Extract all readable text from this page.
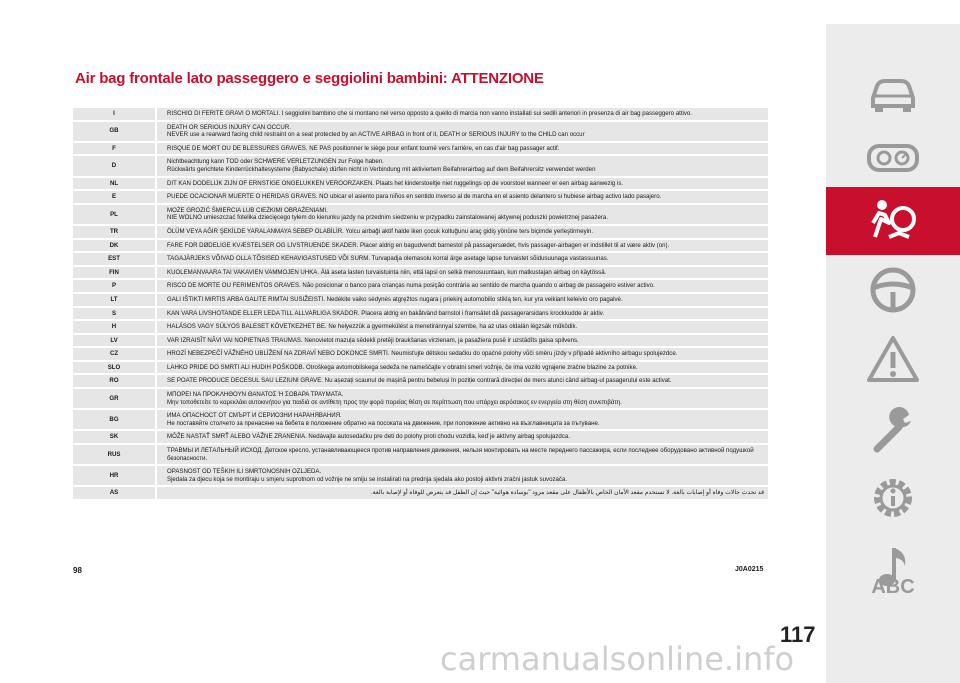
Air bag frontale lato passeggero e seggiolini bambini: ATTENZIONE
I	RISCHIO DI FERITE GRAVI O MORTALI. I seggiolini bambino che si montano nel verso opposto a quello di marcia non vanno installati sui sedili anteriori in presenza di air bag passeggero attivo.
GB	DEATH OR SERIOUS INJURY CAN OCCUR.
NEVER use a rearward facing child restraint on a seat protected by an ACTIVE AIRBAG in front of it, DEATH or SERIOUS INJURY to the CHILD can occur
F	RISQUE DE MORT OU DE BLESSURES GRAVES. NE PAS positionner le siège pour enfant tourné vers l'arrière, en cas d'air bag passager actif.
D	Nichtbeachtung kann TOD oder SCHWERE VERLETZUNGEN zur Folge haben.
Rückwärts gerichtete Kinderrückhaltesysteme (Babyschale) dürfen nicht in Verbindung mit aktiviertem Beifahrerairbag auf dem Beifahrersitz verwendet werden
NL	DIT KAN DODELIJK ZIJN OF ERNSTIGE ONGELUKKEN VEROORZAKEN. Plaats het kinderstoeltje niet ruggelings op de voorstoel wanneer er een airbag aanwezig is.
E	PUEDE OCACIONAR MUERTE O HERIDAS GRAVES. NO ubicar el asiento para niños en sentido inverso al de marcha en el asiento delantero si hubiese airbag activo lado pasajero.
PL	MOŻE GROZIĆ ŚMIERCIA LUB CIEŻKIMI OBRAŻENIAMI.
NIE WOLNO umieszczać fotelika dziecięcego tyłem do kierunku jazdy na przednim siedzeniu w przypadku zainstalowanej aktywnej poduszki powietrznej pasażera.
TR	ÖLÜM VEYA AĞIR ŞEKİLDE YARALANMAYA SEBEP OLABİLİR. Yolcu airbaği aktif halde iken çocuk koltuğunu araç gidiş yönüne ters biçimde yerleştirmeyin.
DK	FARE FOR DØDELIGE KVÆSTELSER OG LIVSTRUENDE SKADER. Placer aldrig en bagudvendt barnestol på passagersædet, hvis passager-airbagen er indstillet til at være aktiv (on).
EST	TAGAJÄRJEKS VÕIVAD OLLA TÕSISED KEHAVIGASTUSED VÕI SURM. Turvapadja olemasolu korral ärge asetage lapse turvaistet sõidusuunaga vastassuunas.
FIN	KUOLEMANVAARA TAI VAKAVIEN VAMMOJEN UHKA. Älä aseta lasten turvaistuinta niin, että lapsi on selkä menosuuntaan, kun matkustajan airbag on käytössä.
P	RISCO DE MORTE OU FERIMENTOS GRAVES. Não posicionar o banco para crianças numa posição contrária ao sentido de marcha quando o airbag de passageiro estiver activo.
LT	GALI IŠTIKTI MIRTIS ARBA GALITE RIMTAI SUSIŽEISTI. Nedėkite vaiko sėdynės atgręžtos nugara į priekinį automobilio stiklą ten, kur yra veikiant keleivio oro pagalvė.
S	KAN VARA LIVSHOTANDE ELLER LEDA TILL ALLVARLIGA SKADOR. Placera aldrig en bakåtvänd barnstol i framsätet då passagerarsidans krockkudde är aktiv.
H	HALÁSOS VAGY SÚLYOS BALESET KÖVETKEZHET BE. Ne helyezzük a gyermekülést a menetiránnyal szembe, ha az utas oldalán légzsák működik.
LV	VAR IZRAISĪT NĀVI VAI NOPIETNAS TRAUMAS. Nenovietot mazuļa sēdekli pretēji braukšanas virzienam, ja pasažiera pusē ir uzstādīts gaisa spilvens.
CZ	HROZÍ NEBEZPEČÍ VÁŽNÉHO UBLÍŽENÍ NA ZDRAVÍ NEBO DOKONCE SMRTI. Neumisťujte dětskou sedačku do opačné polohy vůči směru jízdy v případě aktivního airbagu spolujezdce.
SLO	LAHKO PRIDE DO SMRTI ALI HUDIH POŠKODB. Otroškega avtomobilskega sedeža ne nameščajte v obratni smeri vožnje, če ima vozilo vgrajene zračne blazine za potnike.
RO	SE POATE PRODUCE DECESUL SAU LEZIUNI GRAVE. Nu așezați scaunul de mașină pentru bebeluși în poziție contrară direcției de mers atunci când airbag-ul pasagerului este activat.
GR	ΜΠΟΡΕΙ ΝΑ ΠΡΟΚΛΗΘΟΥΝ ΘΑΝΑΤΟΣ Ή ΣΟΒΑΡΑ ΤΡΑΥΜΑΤΑ.
Μην τοποθετείτε το καρεκλάκι αυτοκινήτου για παιδιά σε αντίθετη προς την φορά πορείας θέση σε περίπτωση που υπάρχει αερόσακος εν ενεργεία στη θέση συνεπιβάτη.
BG	ИМА ОПАСНОСТ ОТ СМЪРТ И СЕРИОЗНИ НАРАНЯВАНИЯ.
Не поставяйте столчето за пренасяне на бебета в положение обратно на посоката на движение, при положение активно на възглавницата за пътуване.
SK	MÔŽE NASTAŤ SMRŤ ALEBO VÁŽNE ZRANENIA. Nedávajte autosedačku pre deti do polohy proti chodu vozidla, keď je aktívny airbag spolujazdca.
RUS	ТРАВМЫ И ЛЕТАЛЬНЫЙ ИСХОД. Детское кресло, устанавливающееся против направления движения, нельзя монтировать на месте переднего пассажира, если последнее оборудовано активной подушкой безопасности.
HR	OPASNOST OD TEŠKIH ILI SMRTONOSNIH OZLJEDA.
Sjedala za djecu koja se montiraju u smjeru suprotnom od vožnje ne smiju se instalirati na prednja sjedala ako postoji aktivni zračni jastuk suvozača.
AS	قد تحدث حالات وفاة أو إصابات بالغة. لا تستخدم مقعد الأمان الخاص بالأطفال على مقعد مزود "بوسادة هوائية" حيث إن الطفل قد يتعرض للوفاة أو لإصابة بالغة.
98	J0A0215
117
ABC
carmanualsonline.info
